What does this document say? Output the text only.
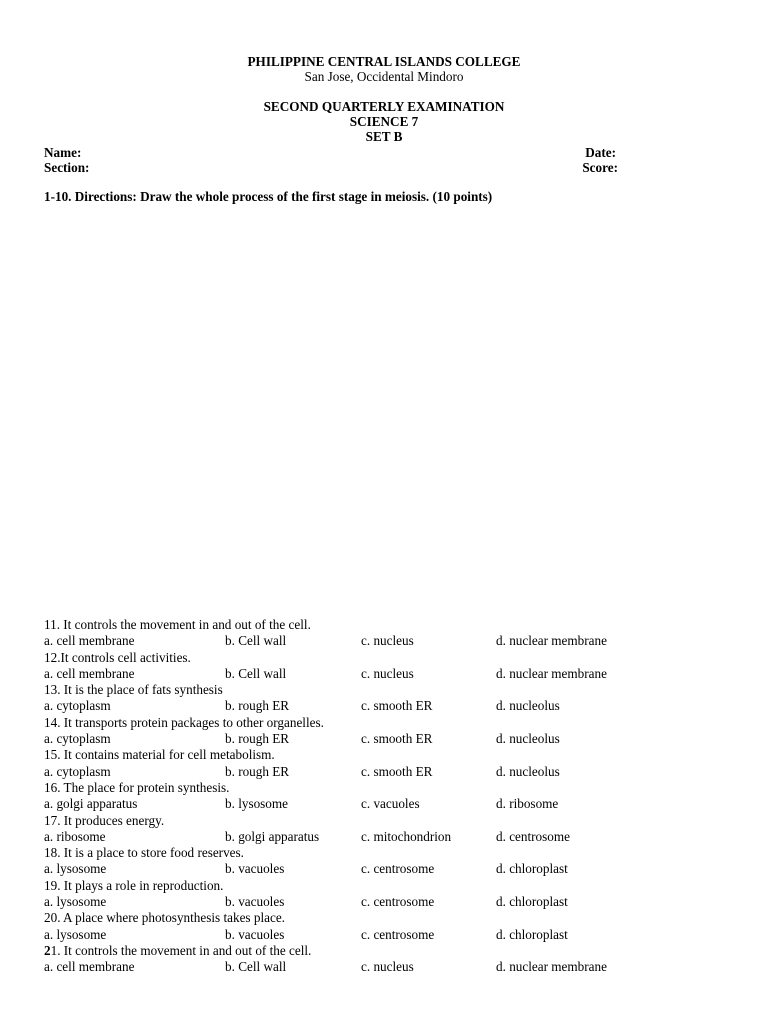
PHILIPPINE CENTRAL ISLANDS COLLEGE
San Jose, Occidental Mindoro
SECOND QUARTERLY EXAMINATION
SCIENCE 7
SET B
Name:	Date:
Section:	Score:
1-10. Directions: Draw the whole process of the first stage in meiosis. (10 points)
11. It controls the movement in and out of the cell.
a. cell membrane	b. Cell wall	c. nucleus	d. nuclear membrane
12.It controls cell activities.
a. cell membrane	b. Cell wall	c. nucleus	d. nuclear membrane
13. It is the place of fats synthesis
a. cytoplasm	b. rough ER	c. smooth ER	d. nucleolus
14. It transports protein packages to other organelles.
a. cytoplasm	b. rough ER	c. smooth ER	d. nucleolus
15. It contains material for cell metabolism.
a. cytoplasm	b. rough ER	c. smooth ER	d. nucleolus
16. The place for protein synthesis.
a. golgi apparatus	b. lysosome	c. vacuoles	d. ribosome
17. It produces energy.
a. ribosome	b. golgi apparatus	c. mitochondrion	d. centrosome
18. It is a place to store food reserves.
a. lysosome	b. vacuoles	c. centrosome	d. chloroplast
19. It plays a role in reproduction.
a. lysosome	b. vacuoles	c. centrosome	d. chloroplast
20. A place where photosynthesis takes place.
a. lysosome	b. vacuoles	c. centrosome	d. chloroplast
21. It controls the movement in and out of the cell.
a. cell membrane	b. Cell wall	c. nucleus	d. nuclear membrane
